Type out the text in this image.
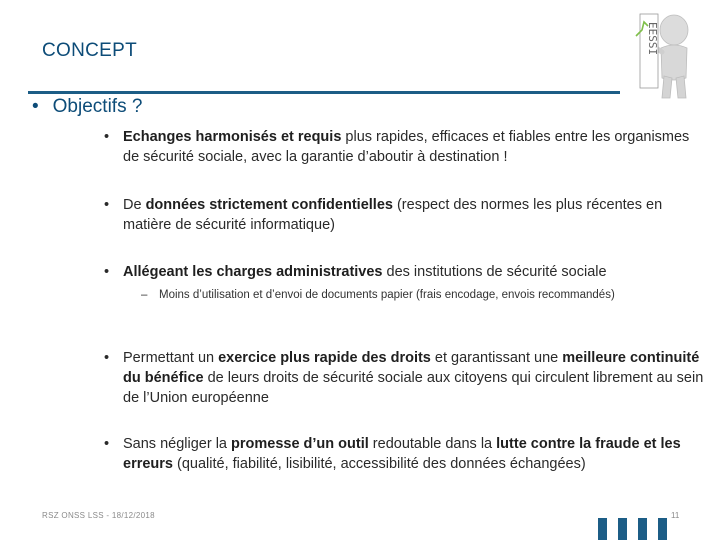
CONCEPT	EESSI
• Objectifs ?
• Echanges harmonisés et requis plus rapides, efficaces et fiables entre les organismes de sécurité sociale, avec la garantie d’aboutir à destination !
• De données strictement confidentielles (respect des normes les plus récentes en matière de sécurité informatique)
• Allégeant les charges administratives des institutions de sécurité sociale
– Moins d’utilisation et d’envoi de documents papier (frais encodage, envois recommandés)
• Permettant un exercice plus rapide des droits et garantissant une meilleure continuité du bénéfice de leurs droits de sécurité sociale aux citoyens qui circulent librement au sein de l’Union européenne
• Sans négliger la promesse d’un outil redoutable dans la lutte contre la fraude et les erreurs (qualité, fiabilité, lisibilité, accessibilité des données échangées)
RSZ ONSS LSS - 18/12/2018	11
